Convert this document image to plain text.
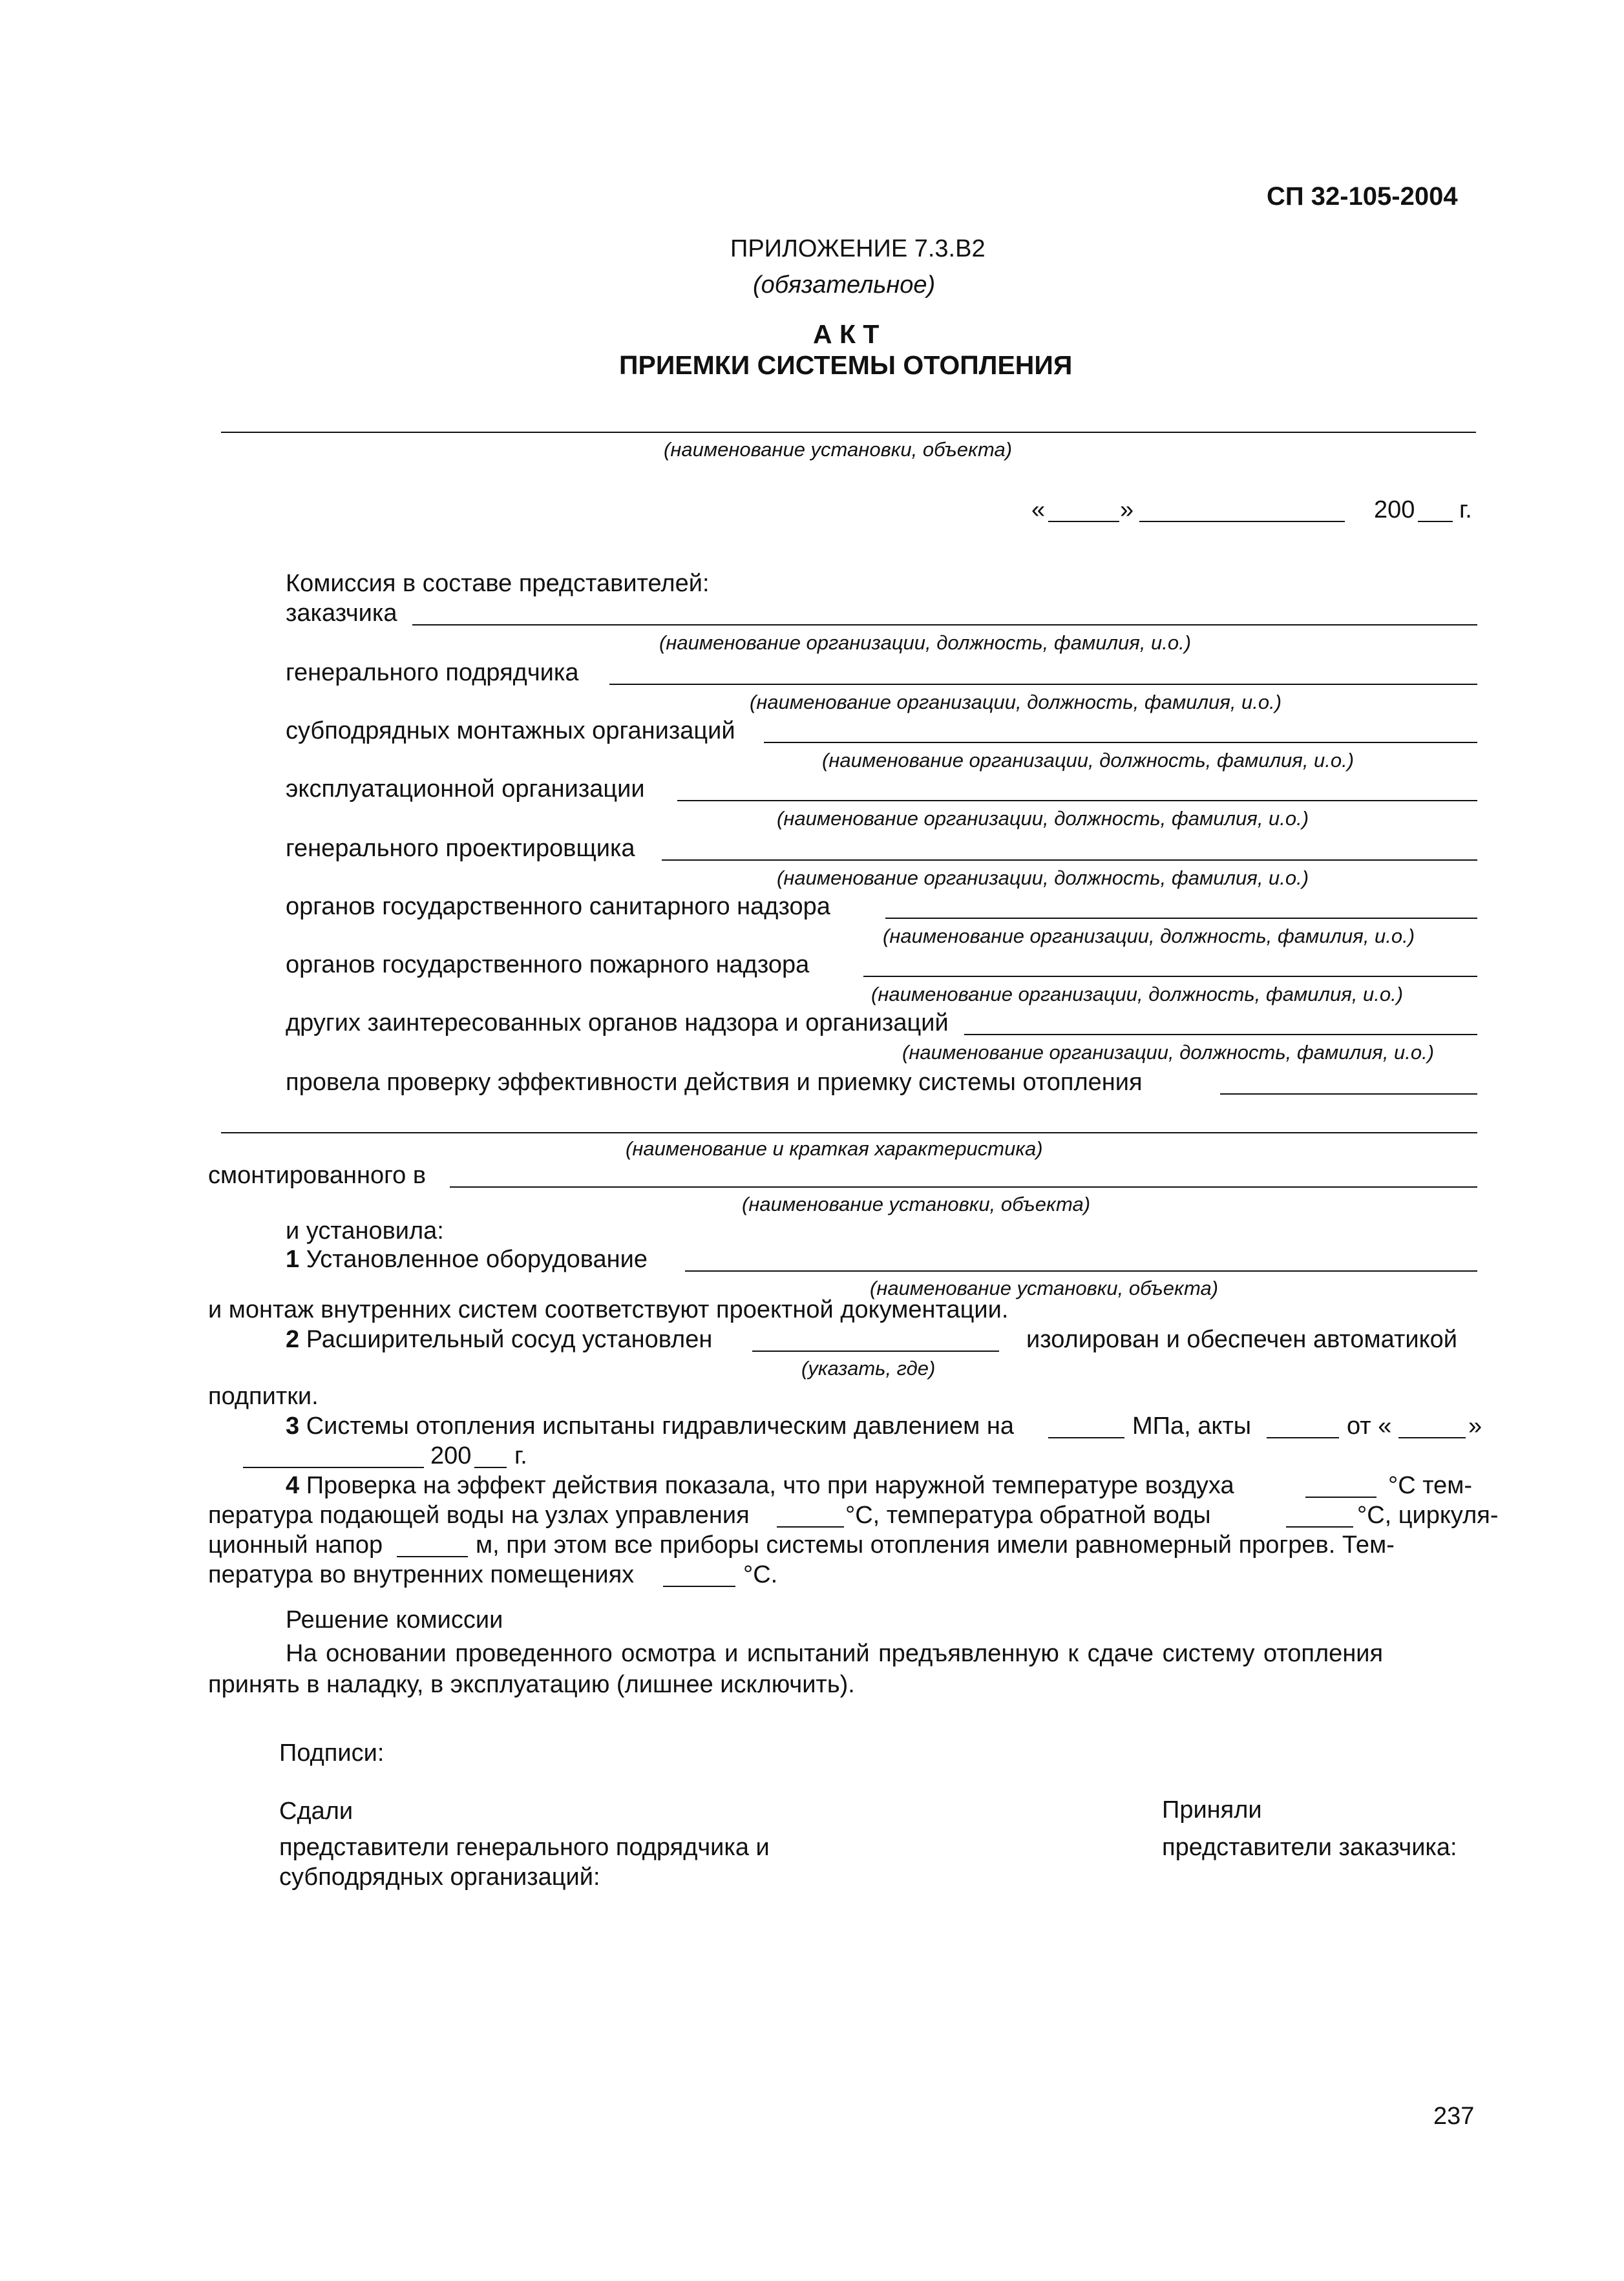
СП 32-105-2004
ПРИЛОЖЕНИЕ 7.3.В2
(обязательное)
А К Т
ПРИЕМКИ СИСТЕМЫ ОТОПЛЕНИЯ
(наименование установки, объекта)
«	»	200 г.
Комиссия в составе представителей:
заказчика
(наименование организации, должность, фамилия, и.о.)
генерального подрядчика
(наименование организации, должность, фамилия, и.о.)
субподрядных монтажных организаций
(наименование организации, должность, фамилия, и.о.)
эксплуатационной организации
(наименование организации, должность, фамилия, и.о.)
генерального проектировщика
(наименование организации, должность, фамилия, и.о.)
органов государственного санитарного надзора
(наименование организации, должность, фамилия, и.о.)
органов государственного пожарного надзора
(наименование организации, должность, фамилия, и.о.)
других заинтересованных органов надзора и организаций
(наименование организации, должность, фамилия, и.о.)
провела проверку эффективности действия и приемку системы отопления
(наименование и краткая характеристика)
смонтированного в
(наименование установки, объекта)
и установила:
1 Установленное оборудование
(наименование установки, объекта)
и монтаж внутренних систем соответствуют проектной документации.
2 Расширительный сосуд установлен	изолирован и обеспечен автоматикой
(указать, где)
подпитки.
3 Системы отопления испытаны гидравлическим давлением на	МПа, акты	от «	»
200 г.
4 Проверка на эффект действия показала, что при наружной температуре воздуха	°С тем-
пература подающей воды на узлах управления	°С, температура обратной воды	°С, циркуля-
ционный напор	м, при этом все приборы системы отопления имели равномерный прогрев. Тем-
пература во внутренних помещениях	°С.
Решение комиссии
На основании проведенного осмотра и испытаний предъявленную к сдаче систему отопления
принять в наладку, в эксплуатацию (лишнее исключить).
Подписи:
Сдали
представители генерального подрядчика и
субподрядных организаций:
Приняли
представители заказчика:
237
